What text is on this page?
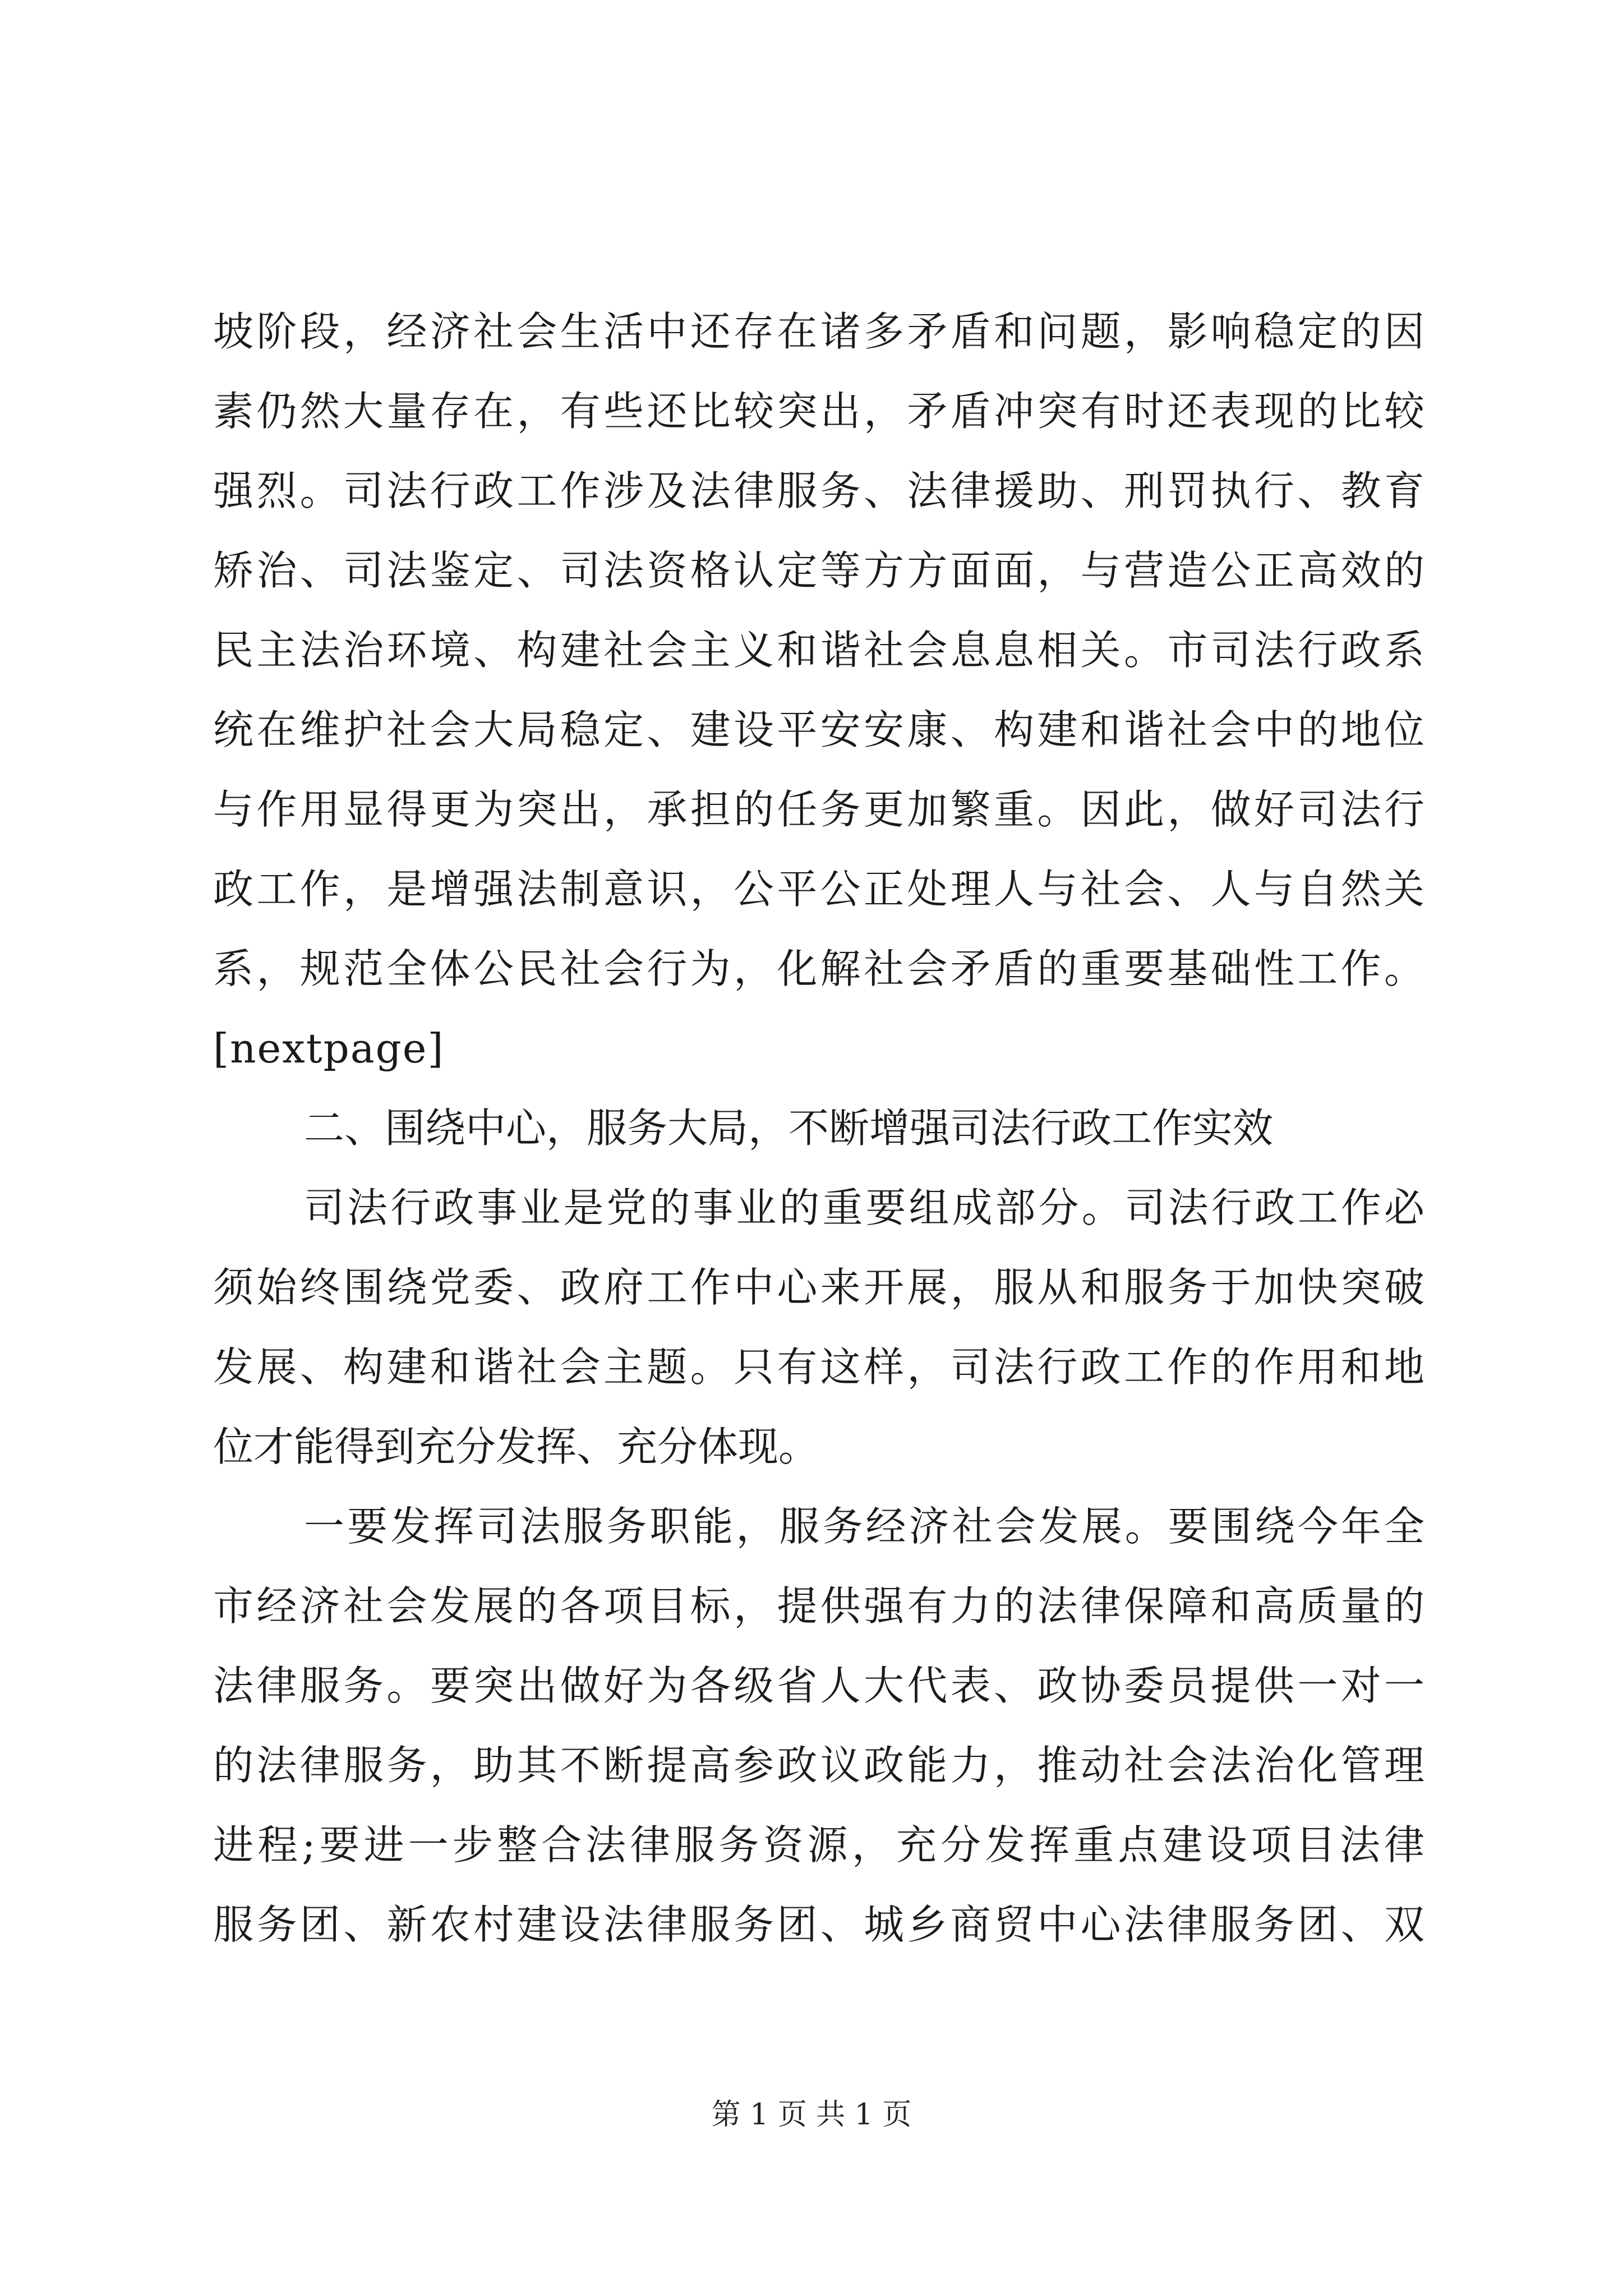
坡阶段，经济社会生活中还存在诸多矛盾和问题，影响稳定的因
素仍然大量存在，有些还比较突出，矛盾冲突有时还表现的比较
强烈。司法行政工作涉及法律服务、法律援助、刑罚执行、教育
矫治、司法鉴定、司法资格认定等方方面面，与营造公正高效的
民主法治环境、构建社会主义和谐社会息息相关。市司法行政系
统在维护社会大局稳定、建设平安安康、构建和谐社会中的地位
与作用显得更为突出，承担的任务更加繁重。因此，做好司法行
政工作，是增强法制意识，公平公正处理人与社会、人与自然关
系，规范全体公民社会行为，化解社会矛盾的重要基础性工作。
[nextpage]
二、围绕中心，服务大局，不断增强司法行政工作实效
司法行政事业是党的事业的重要组成部分。司法行政工作必
须始终围绕党委、政府工作中心来开展，服从和服务于加快突破
发展、构建和谐社会主题。只有这样，司法行政工作的作用和地
位才能得到充分发挥、充分体现。
一要发挥司法服务职能，服务经济社会发展。要围绕今年全
市经济社会发展的各项目标，提供强有力的法律保障和高质量的
法律服务。要突出做好为各级省人大代表、政协委员提供一对一
的法律服务，助其不断提高参政议政能力，推动社会法治化管理
进程;要进一步整合法律服务资源，充分发挥重点建设项目法律
服务团、新农村建设法律服务团、城乡商贸中心法律服务团、双
第 1 页 共 1 页
